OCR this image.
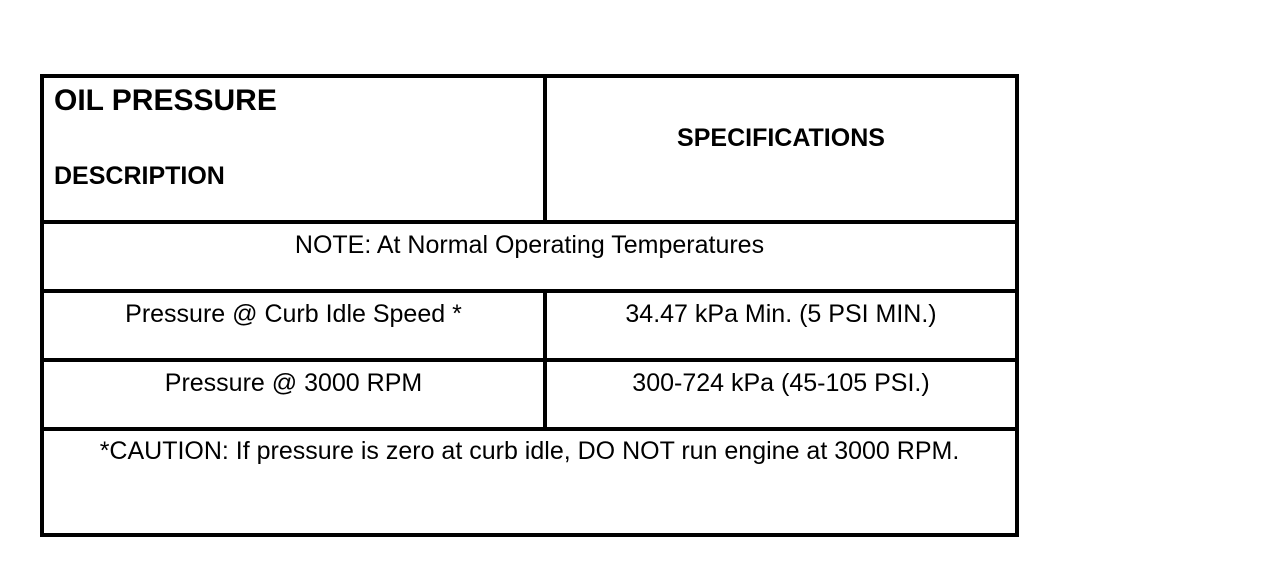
OIL PRESSURE
DESCRIPTION	SPECIFICATIONS

NOTE: At Normal Operating Temperatures	

Pressure @ Curb Idle Speed *	34.47 kPa Min. (5 PSI MIN.)

Pressure @ 3000 RPM	300-724 kPa (45-105 PSI.)

*CAUTION: If pressure is zero at curb idle, DO NOT run engine at 3000 RPM.	
